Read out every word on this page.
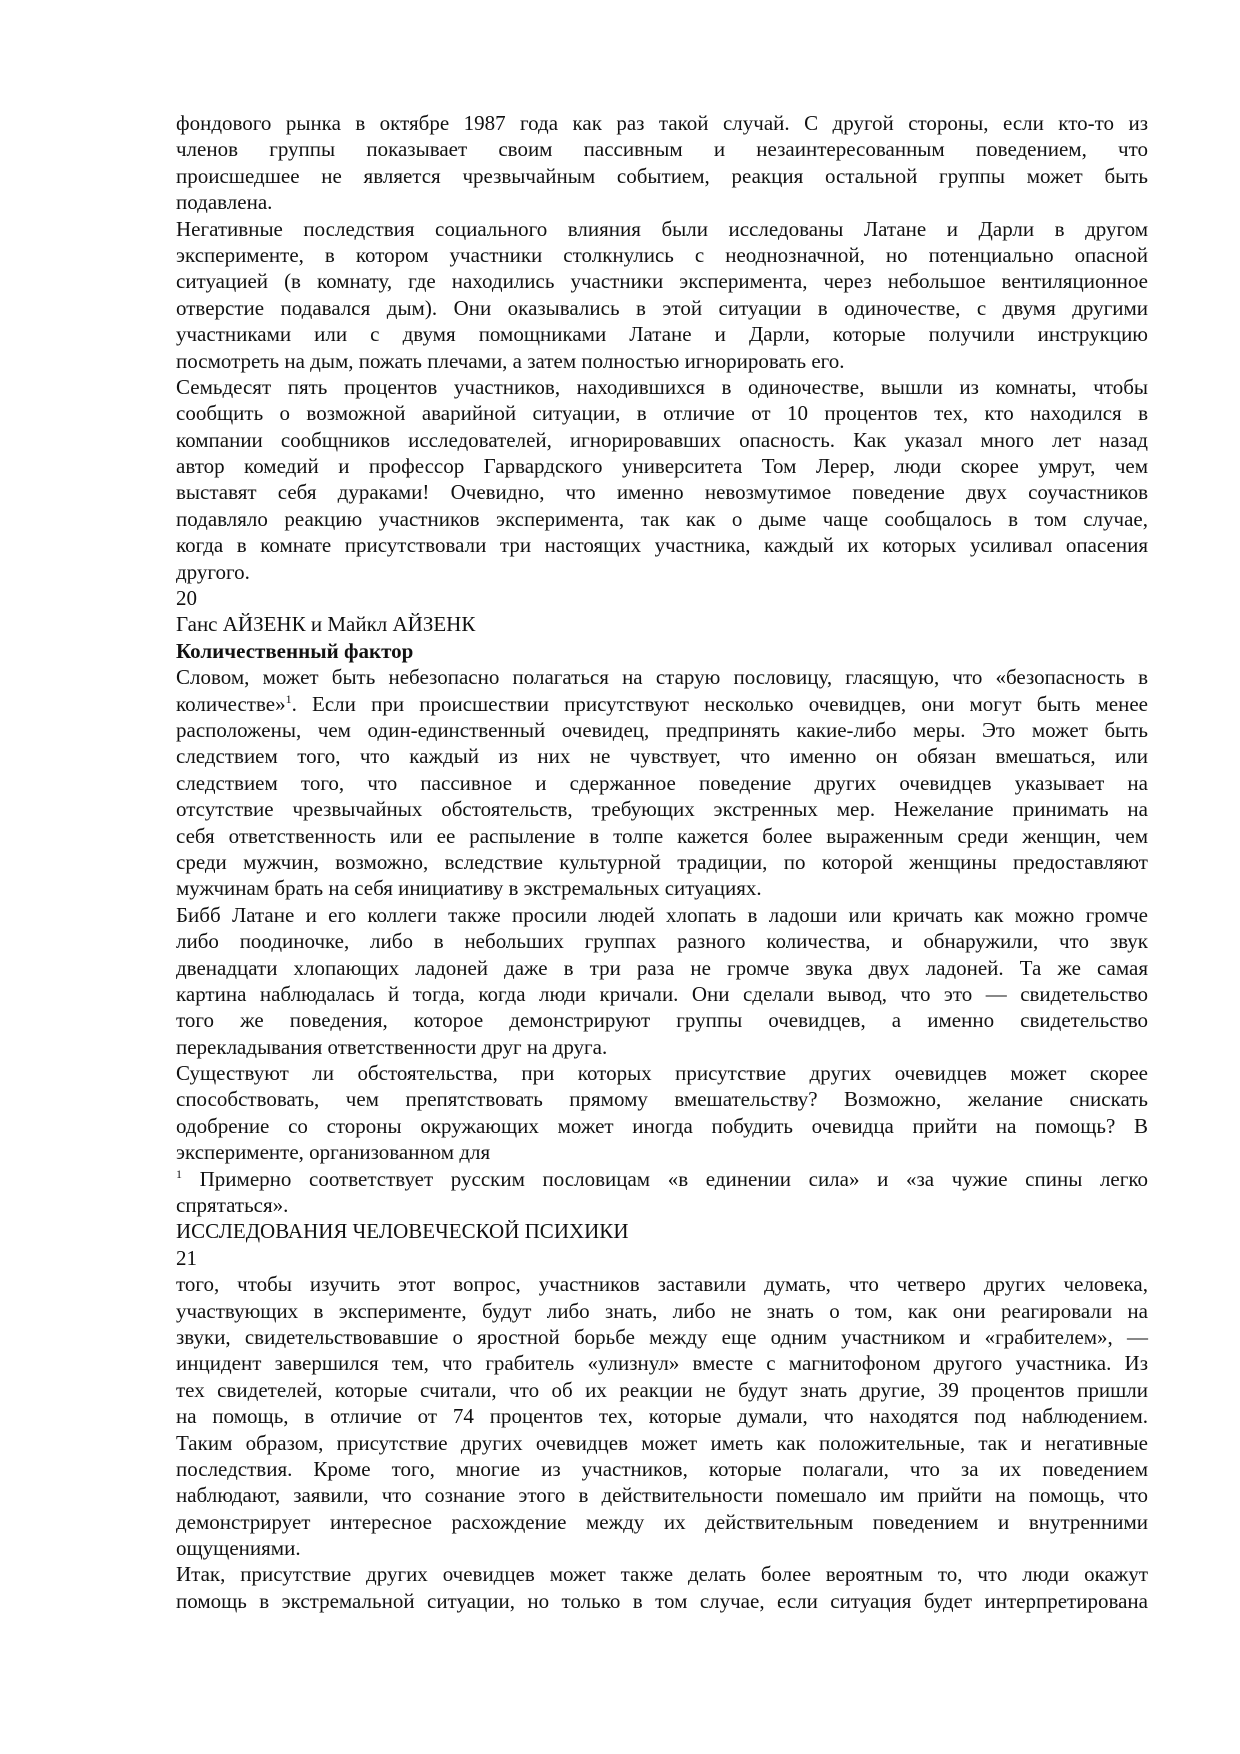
фондового рынка в октябре 1987 года как раз такой случай. С другой стороны, если кто-то из
членов группы показывает своим пассивным и незаинтересованным поведением, что
происшедшее не является чрезвычайным событием, реакция остальной группы может быть
подавлена.
Негативные последствия социального влияния были исследованы Латане и Дарли в другом
эксперименте, в котором участники столкнулись с неоднозначной, но потенциально опасной
ситуацией (в комнату, где находились участники эксперимента, через небольшое вентиляционное
отверстие подавался дым). Они оказывались в этой ситуации в одиночестве, с двумя другими
участниками или с двумя помощниками Латане и Дарли, которые получили инструкцию
посмотреть на дым, пожать плечами, а затем полностью игнорировать его.
Семьдесят пять процентов участников, находившихся в одиночестве, вышли из комнаты, чтобы
сообщить о возможной аварийной ситуации, в отличие от 10 процентов тех, кто находился в
компании сообщников исследователей, игнорировавших опасность. Как указал много лет назад
автор комедий и профессор Гарвардского университета Том Лерер, люди скорее умрут, чем
выставят себя дураками! Очевидно, что именно невозмутимое поведение двух соучастников
подавляло реакцию участников эксперимента, так как о дыме чаще сообщалось в том случае,
когда в комнате присутствовали три настоящих участника, каждый их которых усиливал опасения
другого.
20
Ганс АЙЗЕНК и Майкл АЙЗЕНК
Количественный фактор
Словом, может быть небезопасно полагаться на старую пословицу, гласящую, что «безопасность в
количестве»$^1$. Если при происшествии присутствуют несколько очевидцев, они могут быть менее
расположены, чем один-единственный очевидец, предпринять какие-либо меры. Это может быть
следствием того, что каждый из них не чувствует, что именно он обязан вмешаться, или
следствием того, что пассивное и сдержанное поведение других очевидцев указывает на
отсутствие чрезвычайных обстоятельств, требующих экстренных мер. Нежелание принимать на
себя ответственность или ее распыление в толпе кажется более выраженным среди женщин, чем
среди мужчин, возможно, вследствие культурной традиции, по которой женщины предоставляют
мужчинам брать на себя инициативу в экстремальных ситуациях.
Бибб Латане и его коллеги также просили людей хлопать в ладоши или кричать как можно громче
либо поодиночке, либо в небольших группах разного количества, и обнаружили, что звук
двенадцати хлопающих ладоней даже в три раза не громче звука двух ладоней. Та же самая
картина наблюдалась й тогда, когда люди кричали. Они сделали вывод, что это — свидетельство
того же поведения, которое демонстрируют группы очевидцев, а именно свидетельство
перекладывания ответственности друг на друга.
Существуют ли обстоятельства, при которых присутствие других очевидцев может скорее
способствовать, чем препятствовать прямому вмешательству? Возможно, желание снискать
одобрение со стороны окружающих может иногда побудить очевидца прийти на помощь? В
эксперименте, организованном для
$^1$ Примерно соответствует русским пословицам «в единении сила» и «за чужие спины легко
спрятаться».
ИССЛЕДОВАНИЯ ЧЕЛОВЕЧЕСКОЙ ПСИХИКИ
21
того, чтобы изучить этот вопрос, участников заставили думать, что четверо других человека,
участвующих в эксперименте, будут либо знать, либо не знать о том, как они реагировали на
звуки, свидетельствовавшие о яростной борьбе между еще одним участником и «грабителем», —
инцидент завершился тем, что грабитель «улизнул» вместе с магнитофоном другого участника. Из
тех свидетелей, которые считали, что об их реакции не будут знать другие, 39 процентов пришли
на помощь, в отличие от 74 процентов тех, которые думали, что находятся под наблюдением.
Таким образом, присутствие других очевидцев может иметь как положительные, так и негативные
последствия. Кроме того, многие из участников, которые полагали, что за их поведением
наблюдают, заявили, что сознание этого в действительности помешало им прийти на помощь, что
демонстрирует интересное расхождение между их действительным поведением и внутренними
ощущениями.
Итак, присутствие других очевидцев может также делать более вероятным то, что люди окажут
помощь в экстремальной ситуации, но только в том случае, если ситуация будет интерпретирована
